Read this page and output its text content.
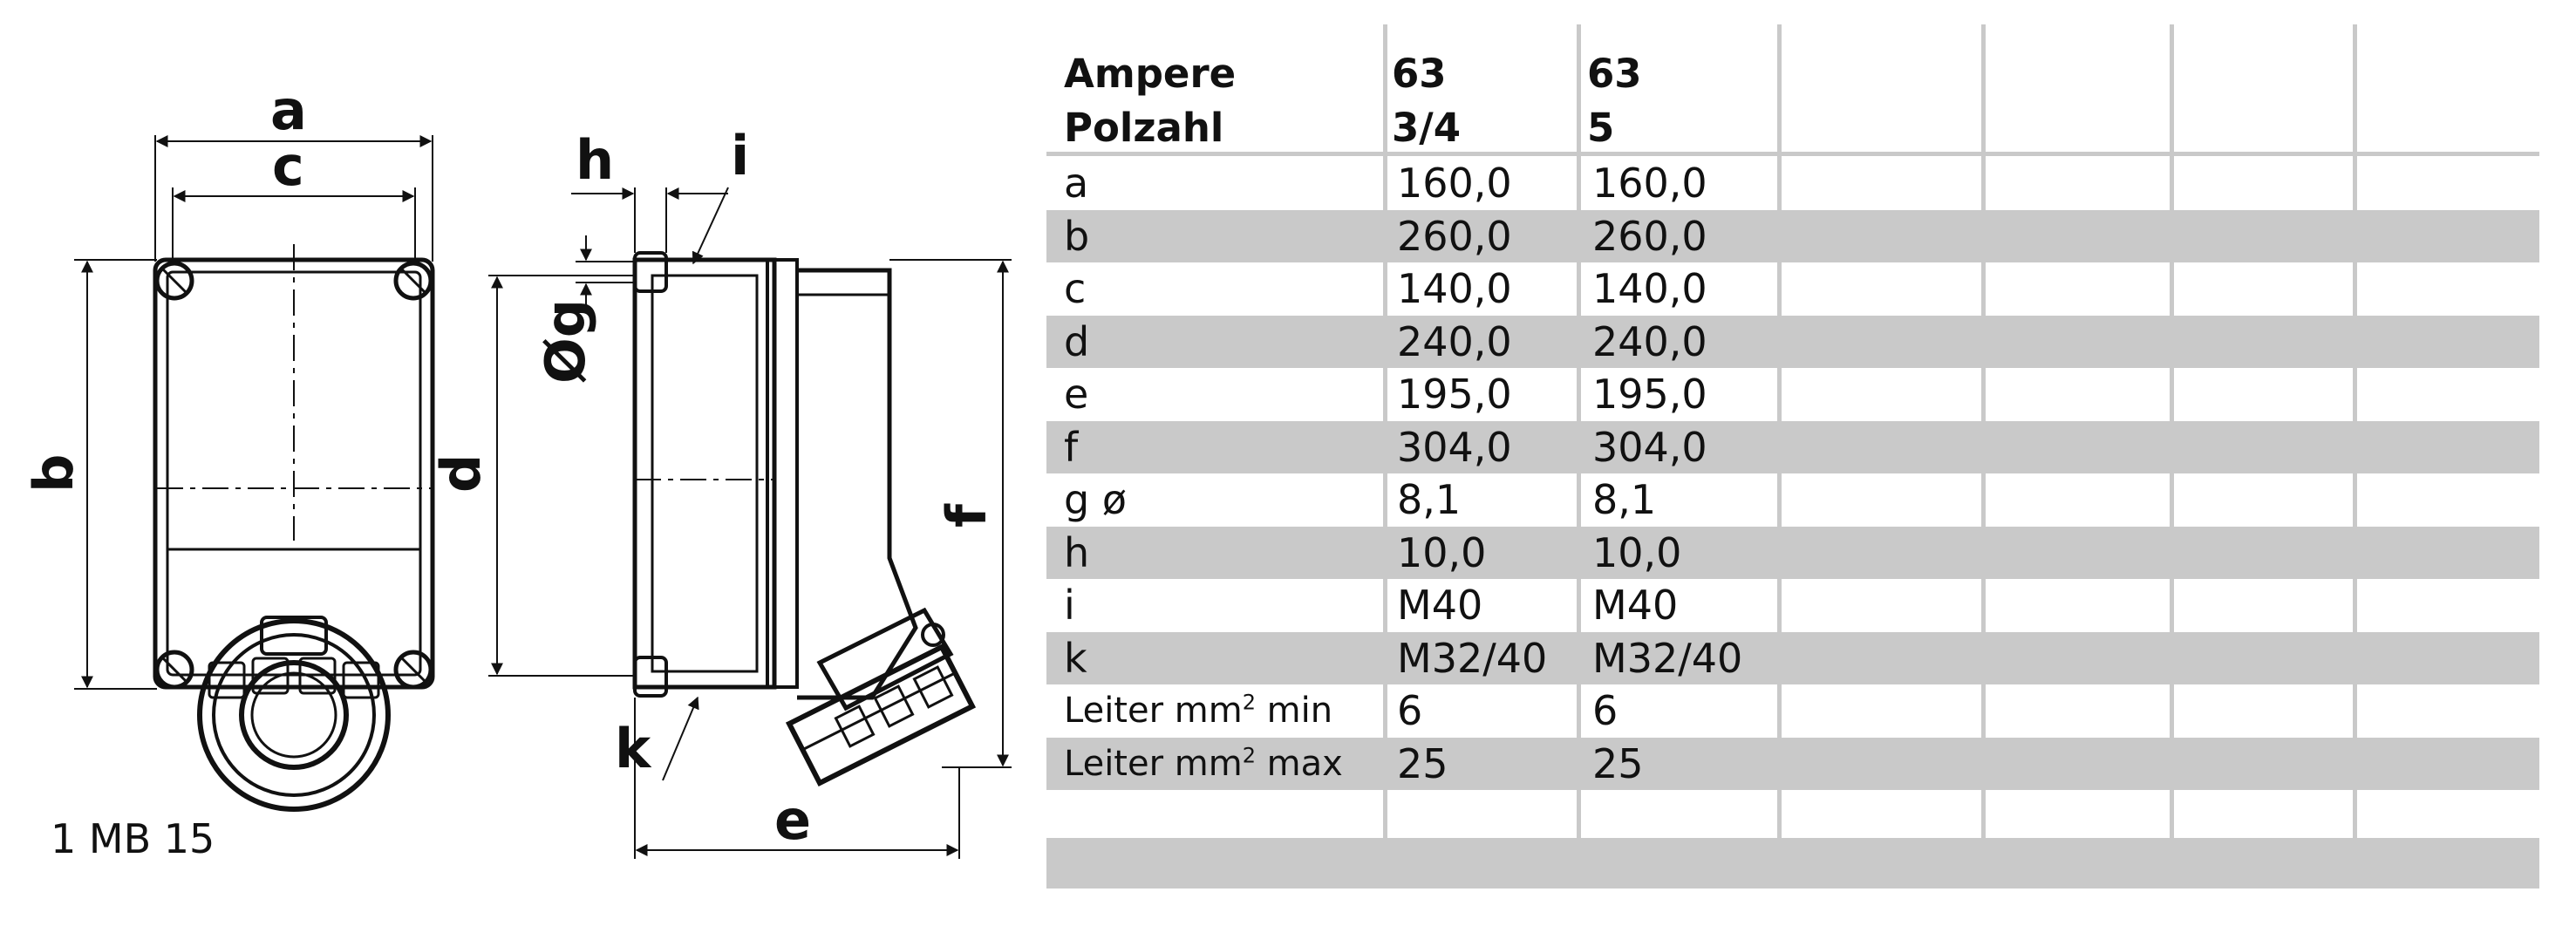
a
c
b	d
f
e
h i
k
Øg
1 MB 15
Ampere	63	63
Polzahl	3/4	5
a	160,0 160,0
b	260,0 260,0
c	140,0 140,0
d	240,0 240,0
e	195,0 195,0
f	304,0 304,0
g ø	8,1	8,1
h	10,0	10,0
i	M40	M40
k	M32/40 M32/40
Leiter $mm^2$ min 6	6
Leiter $mm^2$ max 25	25
